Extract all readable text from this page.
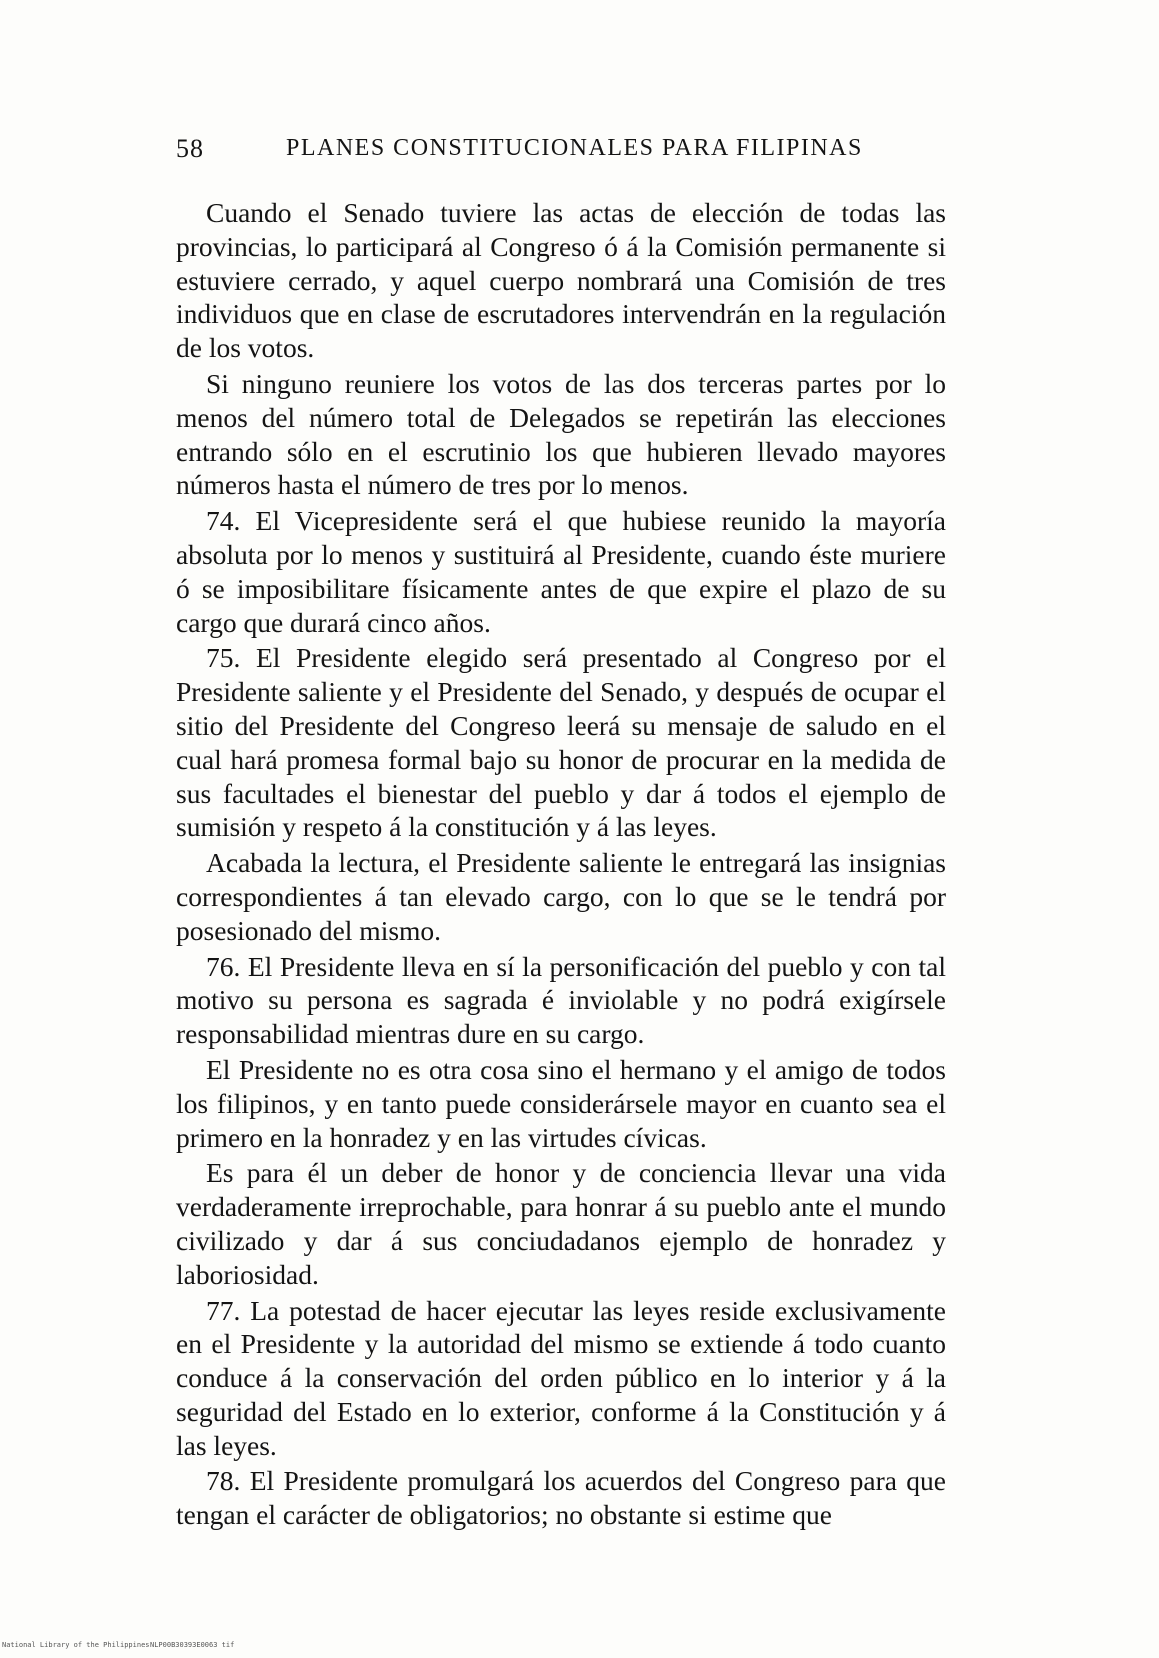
58	PLANES CONSTITUCIONALES PARA FILIPINAS

Cuando el Senado tuviere las actas de elección de todas las provincias, lo participará al Congreso ó á la Comisión permanente si estuviere cerrado, y aquel cuerpo nombrará una Comisión de tres individuos que en clase de escrutadores intervendrán en la regulación de los votos.

Si ninguno reuniere los votos de las dos terceras partes por lo menos del número total de Delegados se repetirán las elecciones entrando sólo en el escrutinio los que hubieren llevado mayores números hasta el número de tres por lo menos.

74. El Vicepresidente será el que hubiese reunido la mayoría absoluta por lo menos y sustituirá al Presidente, cuando éste muriere ó se imposibilitare físicamente antes de que expire el plazo de su cargo que durará cinco años.

75. El Presidente elegido será presentado al Congreso por el Presidente saliente y el Presidente del Senado, y después de ocupar el sitio del Presidente del Congreso leerá su mensaje de saludo en el cual hará promesa formal bajo su honor de procurar en la medida de sus facultades el bienestar del pueblo y dar á todos el ejemplo de sumisión y respeto á la constitución y á las leyes.

Acabada la lectura, el Presidente saliente le entregará las insignias correspondientes á tan elevado cargo, con lo que se le tendrá por posesionado del mismo.

76. El Presidente lleva en sí la personificación del pueblo y con tal motivo su persona es sagrada é inviolable y no podrá exigírsele responsabilidad mientras dure en su cargo.

El Presidente no es otra cosa sino el hermano y el amigo de todos los filipinos, y en tanto puede considerársele mayor en cuanto sea el primero en la honradez y en las virtudes cívicas.

Es para él un deber de honor y de conciencia llevar una vida verdaderamente irreprochable, para honrar á su pueblo ante el mundo civilizado y dar á sus conciudadanos ejemplo de honradez y laboriosidad.

77. La potestad de hacer ejecutar las leyes reside exclusivamente en el Presidente y la autoridad del mismo se extiende á todo cuanto conduce á la conservación del orden público en lo interior y á la seguridad del Estado en lo exterior, conforme á la Constitución y á las leyes.

78. El Presidente promulgará los acuerdos del Congreso para que tengan el carácter de obligatorios; no obstante si estime que

National Library of the Philippines NLP00B30393E0063 tif
